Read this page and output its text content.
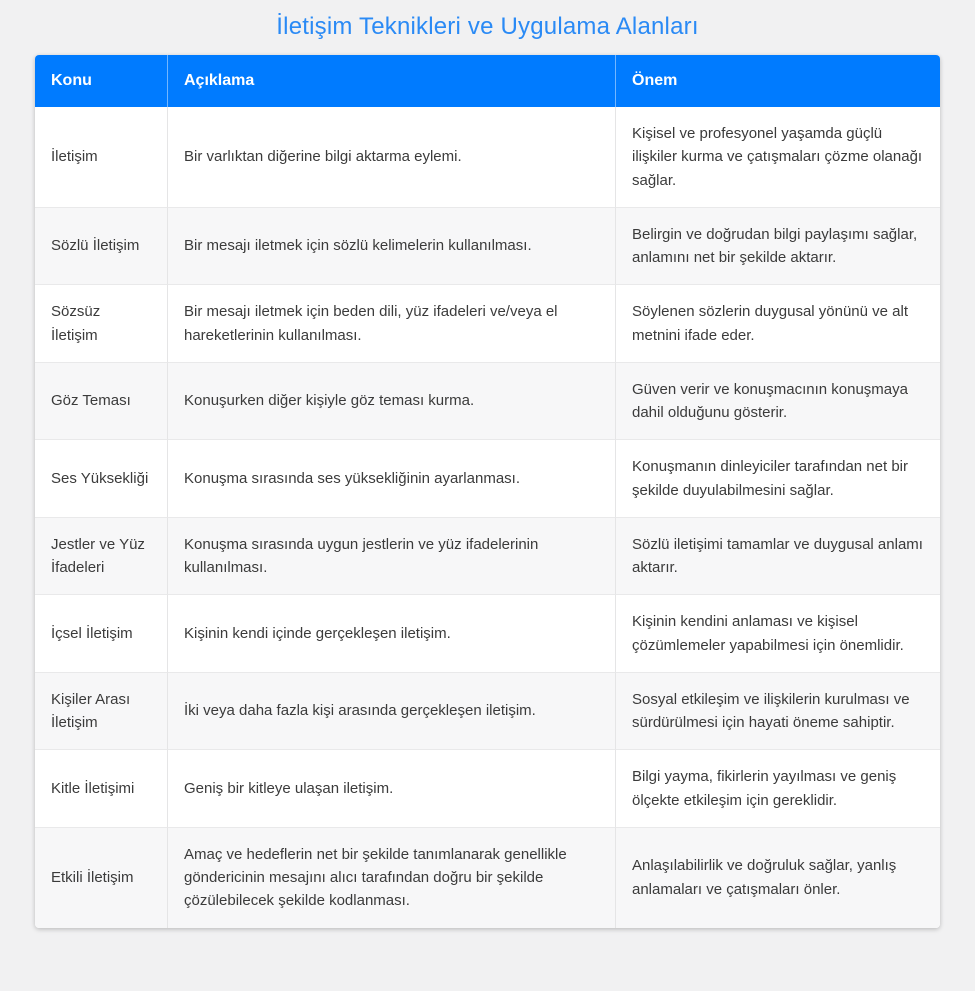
İletişim Teknikleri ve Uygulama Alanları
Konu	Açıklama	Önem
İletişim	Bir varlıktan diğerine bilgi aktarma eylemi.	Kişisel ve profesyonel yaşamda güçlü ilişkiler kurma ve çatışmaları çözme olanağı sağlar.
Sözlü İletişim	Bir mesajı iletmek için sözlü kelimelerin kullanılması.	Belirgin ve doğrudan bilgi paylaşımı sağlar, anlamını net bir şekilde aktarır.
Sözsüz İletişim	Bir mesajı iletmek için beden dili, yüz ifadeleri ve/veya el hareketlerinin kullanılması.	Söylenen sözlerin duygusal yönünü ve alt metnini ifade eder.
Göz Teması	Konuşurken diğer kişiyle göz teması kurma.	Güven verir ve konuşmacının konuşmaya dahil olduğunu gösterir.
Ses Yüksekliği	Konuşma sırasında ses yüksekliğinin ayarlanması.	Konuşmanın dinleyiciler tarafından net bir şekilde duyulabilmesini sağlar.
Jestler ve Yüz İfadeleri	Konuşma sırasında uygun jestlerin ve yüz ifadelerinin kullanılması.	Sözlü iletişimi tamamlar ve duygusal anlamı aktarır.
İçsel İletişim	Kişinin kendi içinde gerçekleşen iletişim.	Kişinin kendini anlaması ve kişisel çözümlemeler yapabilmesi için önemlidir.
Kişiler Arası İletişim	İki veya daha fazla kişi arasında gerçekleşen iletişim.	Sosyal etkileşim ve ilişkilerin kurulması ve sürdürülmesi için hayati öneme sahiptir.
Kitle İletişimi	Geniş bir kitleye ulaşan iletişim.	Bilgi yayma, fikirlerin yayılması ve geniş ölçekte etkileşim için gereklidir.
Etkili İletişim	Amaç ve hedeflerin net bir şekilde tanımlanarak genellikle göndericinin mesajını alıcı tarafından doğru bir şekilde çözülebilecek şekilde kodlanması.	Anlaşılabilirlik ve doğruluk sağlar, yanlış anlamaları ve çatışmaları önler.
